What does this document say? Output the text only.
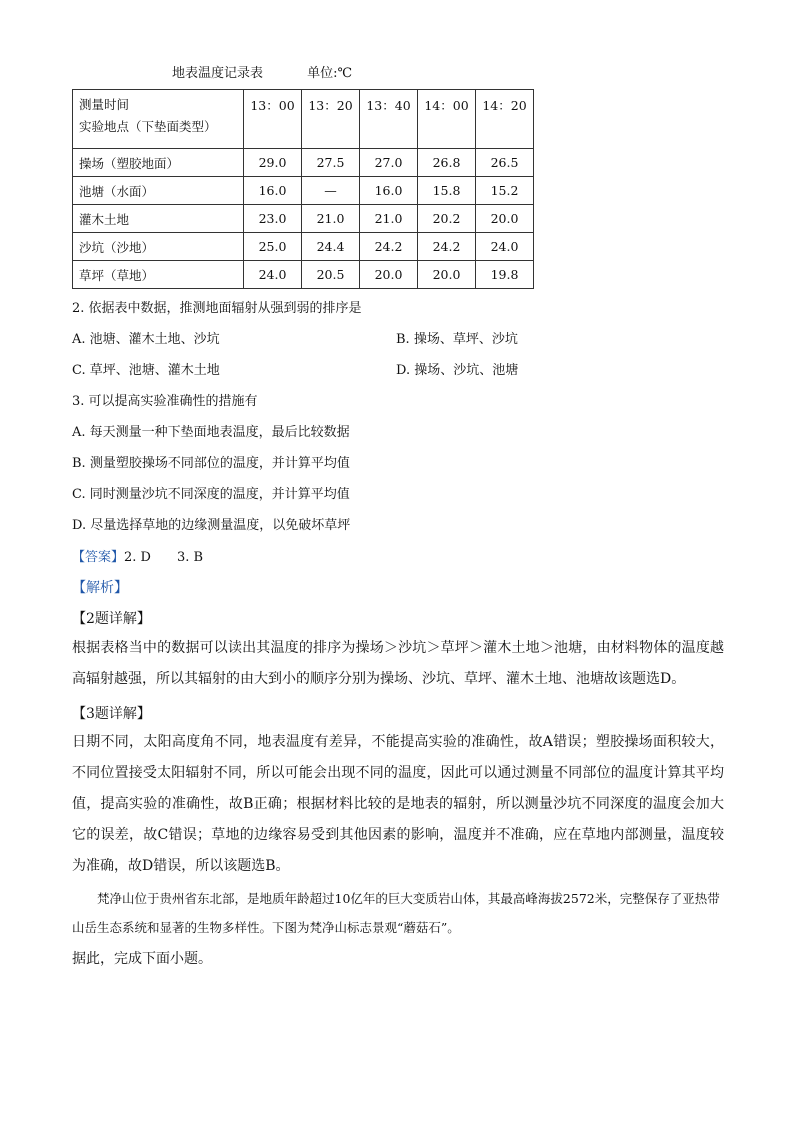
地表温度记录表	单位:℃
测量时间
实验地点（下垫面类型）	13：00	13：20	13：40	14：00	14：20
操场（塑胶地面）	29.0	27.5	27.0	26.8	26.5
池塘（水面）	16.0	—	16.0	15.8	15.2
灌木土地	23.0	21.0	21.0	20.2	20.0
沙坑（沙地）	25.0	24.4	24.2	24.2	24.0
草坪（草地）	24.0	20.5	20.0	20.0	19.8
2. 依据表中数据，推测地面辐射从强到弱的排序是
A. 池塘、灌木土地、沙坑	B. 操场、草坪、沙坑
C. 草坪、池塘、灌木土地	D. 操场、沙坑、池塘
3. 可以提高实验准确性的措施有
A. 每天测量一种下垫面地表温度，最后比较数据
B. 测量塑胶操场不同部位的温度，并计算平均值
C. 同时测量沙坑不同深度的温度，并计算平均值
D. 尽量选择草地的边缘测量温度，以免破坏草坪
【答案】2. D　　3. B
【解析】
【2题详解】
根据表格当中的数据可以读出其温度的排序为操场＞沙坑＞草坪＞灌木土地＞池塘，由材料物体的温度越高辐射越强，所以其辐射的由大到小的顺序分别为操场、沙坑、草坪、灌木土地、池塘故该题选D。
【3题详解】
日期不同，太阳高度角不同，地表温度有差异，不能提高实验的准确性，故A错误；塑胶操场面积较大，不同位置接受太阳辐射不同，所以可能会出现不同的温度，因此可以通过测量不同部位的温度计算其平均值，提高实验的准确性，故B正确；根据材料比较的是地表的辐射，所以测量沙坑不同深度的温度会加大它的误差，故C错误；草地的边缘容易受到其他因素的影响，温度并不准确，应在草地内部测量，温度较为准确，故D错误，所以该题选B。
　　梵净山位于贵州省东北部，是地质年龄超过10亿年的巨大变质岩山体，其最高峰海拔2572米，完整保存了亚热带山岳生态系统和显著的生物多样性。下图为梵净山标志景观“蘑菇石”。
据此，完成下面小题。
